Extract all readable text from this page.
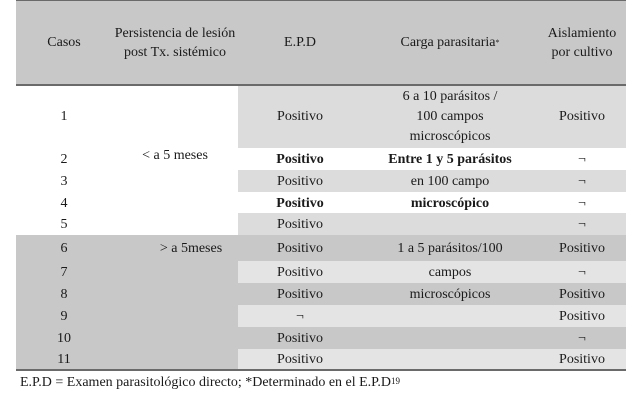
Casos
Persistencia de lesión post Tx. sistémico
E.P.D	Carga parasitaria *
Aislamiento por cultivo
1
2
3
4
5
6
7
8
9
10
11
< a 5 meses
> a 5meses
Positivo
Positivo
Positivo
Positivo
Positivo
Positivo
Positivo
Positivo
¬
Positivo
Positivo
6 a 10 parásitos /
100 campos
microscópicos
Entre 1 y 5 parásitos
en 100 campo
microscópico
1 a 5 parásitos/100
campos
microscópicos
Positivo
¬
¬
¬
¬
Positivo
¬
Positivo
Positivo
¬
Positivo
E.P.D = Examen parasitológico directo; *Determinado en el $E.P.D^{19}$
